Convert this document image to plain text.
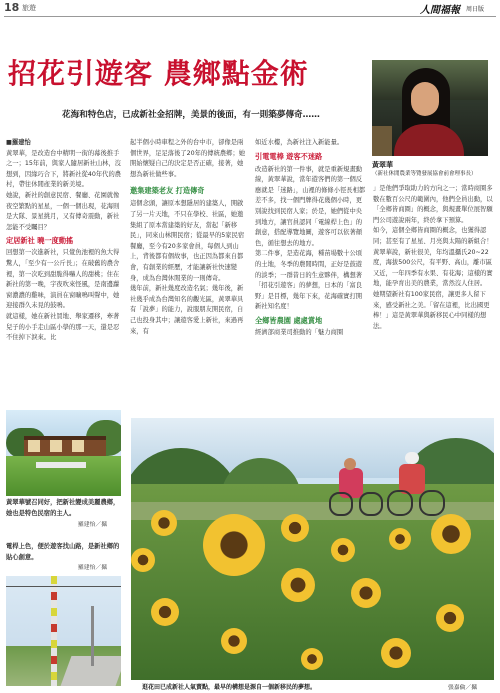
18 旅遊	人間福報 周日版
招花引遊客 農鄉點金術
花海和特色店，已成新社金招牌，美景的後面，有一則築夢傳奇……
黃翠華
（新社休閒農業等覽發展協會前會理事長）
■羅建怡
黃翠華，是改造台中精明一街的幕後推手之一；15年前，與家人隨居新社山林，沒想到，因緣巧合下，將新社從40年代的農村，帶往休閒產業的新美境。
她說，新社的創意民宿、餐廳、花園就像夜空繁點的星星，一個一個出現，花海則是大隊、景星挑月，又有傳奇震動，新社怎能不受矚目？
定居新社 曉一度動搖
回想第一次進新社，只覺魚池裡的魚大得驚人，「至少有一公斤長」；在破舊的農舍裡，第一次吃到甜脆得嚇人的甜桃；住在新社的第一晚，宇夜吹來怪風，是南邊蘿窗濃濃的雞味，演員在窗曠鳴叫聲中，她迎接群久未見的鼓鳴。
就這樣，她在新社買地、舉家遷移，牽著兒子的小手走山區小學的那一天，還是忍不住掉下淚來。比
起半個小時車程之外的台中市，卻像是兩個世界，足足落後了20年的傳統農鄉；她開始懷疑自己的決定是否正確，接著，她想為新社做些事。
邀集建築老友 打造傳奇
這個念頭，讓原本想隱居的建築人，開啟了另一片天地，不只在學校、社區，她邀集組了原本當建築的好友，當起「新移民」，同來山林開民宿；從最早的5家民宿餐廳，至今有20多家會員，每個人到山上，背後都有個故事，也正因為都來自都會，有創業的經歷，才能讓新社快速變身，成為台灣休閒業的一則傳奇。
幾年前，新社幾度改造名氣；幾年後，新社幾乎成為台灣知名的觀光區，黃翠華具有「說夢」的能力，說服朋友開民宿，自己也投身其中；讓遊客愛上新社，來過再來，有
如近水樓，為新社注入新能量。
引電電棒 遊客不迷路
改造新社的第一件事，就是重新規畫動線，黃翠華說，當年遊客們的第一個反應就是「迷路」，山裡的條條小徑長相都差不多，找一個門牌得花幾個小時，更別說找到民宿人家；於是，她們從中央到地方，讓官員認同「電線桿上色」的創意，搭配導覽地圖，遊客可以依著顏色，循往想去的地方。
第二件事，是造花海，種苗場數十公頃的土地，冬季的農閒時間，正好是鼓遊的淡季；一群昔日的生意夥伴，構想著「招花引遊客」的夢想，日本的「富良野」是目標，幾年下來，花海確實打開新社知名度！
全鄉皆農園 處處賞地
經濟部商業司推動的「魅力商圈
」是他們爭取助力的方向之一；當時商圈多數在數百公尺的範圍內，他們全員出動，以「全鄉皆商圈」的概念，與規畫單位展智願門公司遊說兩年，終於拿下預算。
如今，這個全鄉皆商圈的概念，也獲得認同；甚至有了星星、月亮與太陽的新組合！
黃翠華說，新社很美，年均溫攝氏20~22度，海拔500公尺，有平野、高山，離市區又近，一年四季有水果、有花海；這樣的實地，能孕育出美的農業，當然沒人住居。
她期望新社有100家民宿，讓更多人留下來，感受新社之美。「留在這裡，比出國更棒！」這是黃翠華與新移民心中同樣的想法。
黃翠華號召同好，把新社變成美麗農鄉，她也是特色民宿的主人。
羅建怡／攝
電桿上色，便於遊客找山路，是新社鄉的貼心創意。
羅建怡／攝
逛花田已成新社人氣賣點，最早的構想是源自一個新移民的夢想。	張嘉倫／攝
